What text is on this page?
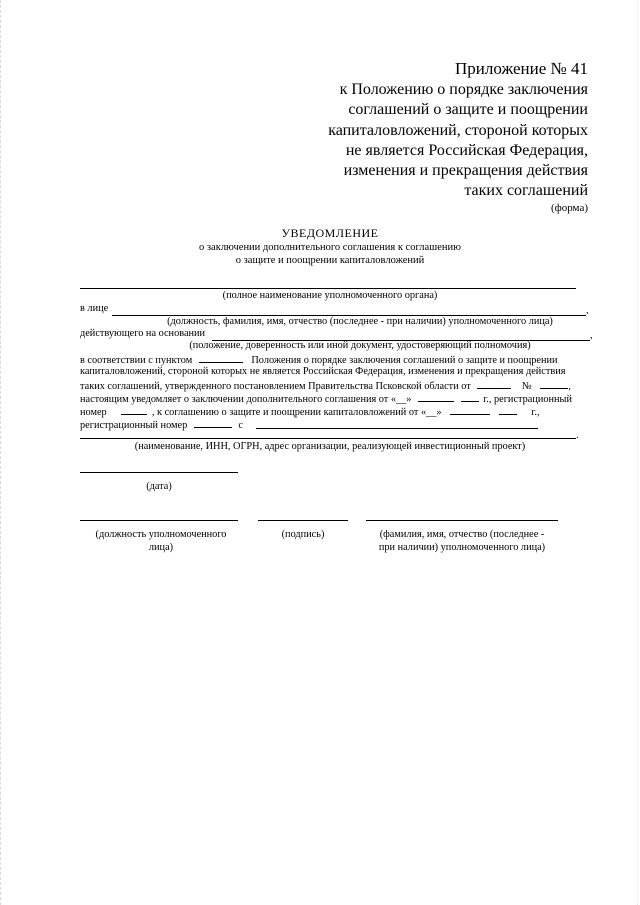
Приложение № 41
к Положению о порядке заключения
соглашений о защите и поощрении
капиталовложений, стороной которых
не является Российская Федерация,
изменения и прекращения действия
таких соглашений
(форма)
УВЕДОМЛЕНИЕ
о заключении дополнительного соглашения к соглашению
о защите и поощрении капиталовложений
(полное наименование уполномоченного органа)
в лице	,
(должность, фамилия, имя, отчество (последнее - при наличии) уполномоченного лица)
действующего на основании	,
(положение, доверенность или иной документ, удостоверяющий полномочия)
в соответствии с пунктом	Положения о порядке заключения соглашений о защите и поощрении
капиталовложений, стороной которых не является Российская Федерация, изменения и прекращения действия
таких соглашений, утвержденного постановлением Правительства Псковской области от	№	,
настоящим уведомляет о заключении дополнительного соглашения от «__»	г., регистрационный
номер	, к соглашению о защите и поощрении капиталовложений от «__»	г.,
регистрационный номер	с
.
(наименование, ИНН, ОГРН, адрес организации, реализующей инвестиционный проект)
(дата)
(должность уполномоченного
лица)
(подпись)	(фамилия, имя, отчество (последнее -
при наличии) уполномоченного лица)
